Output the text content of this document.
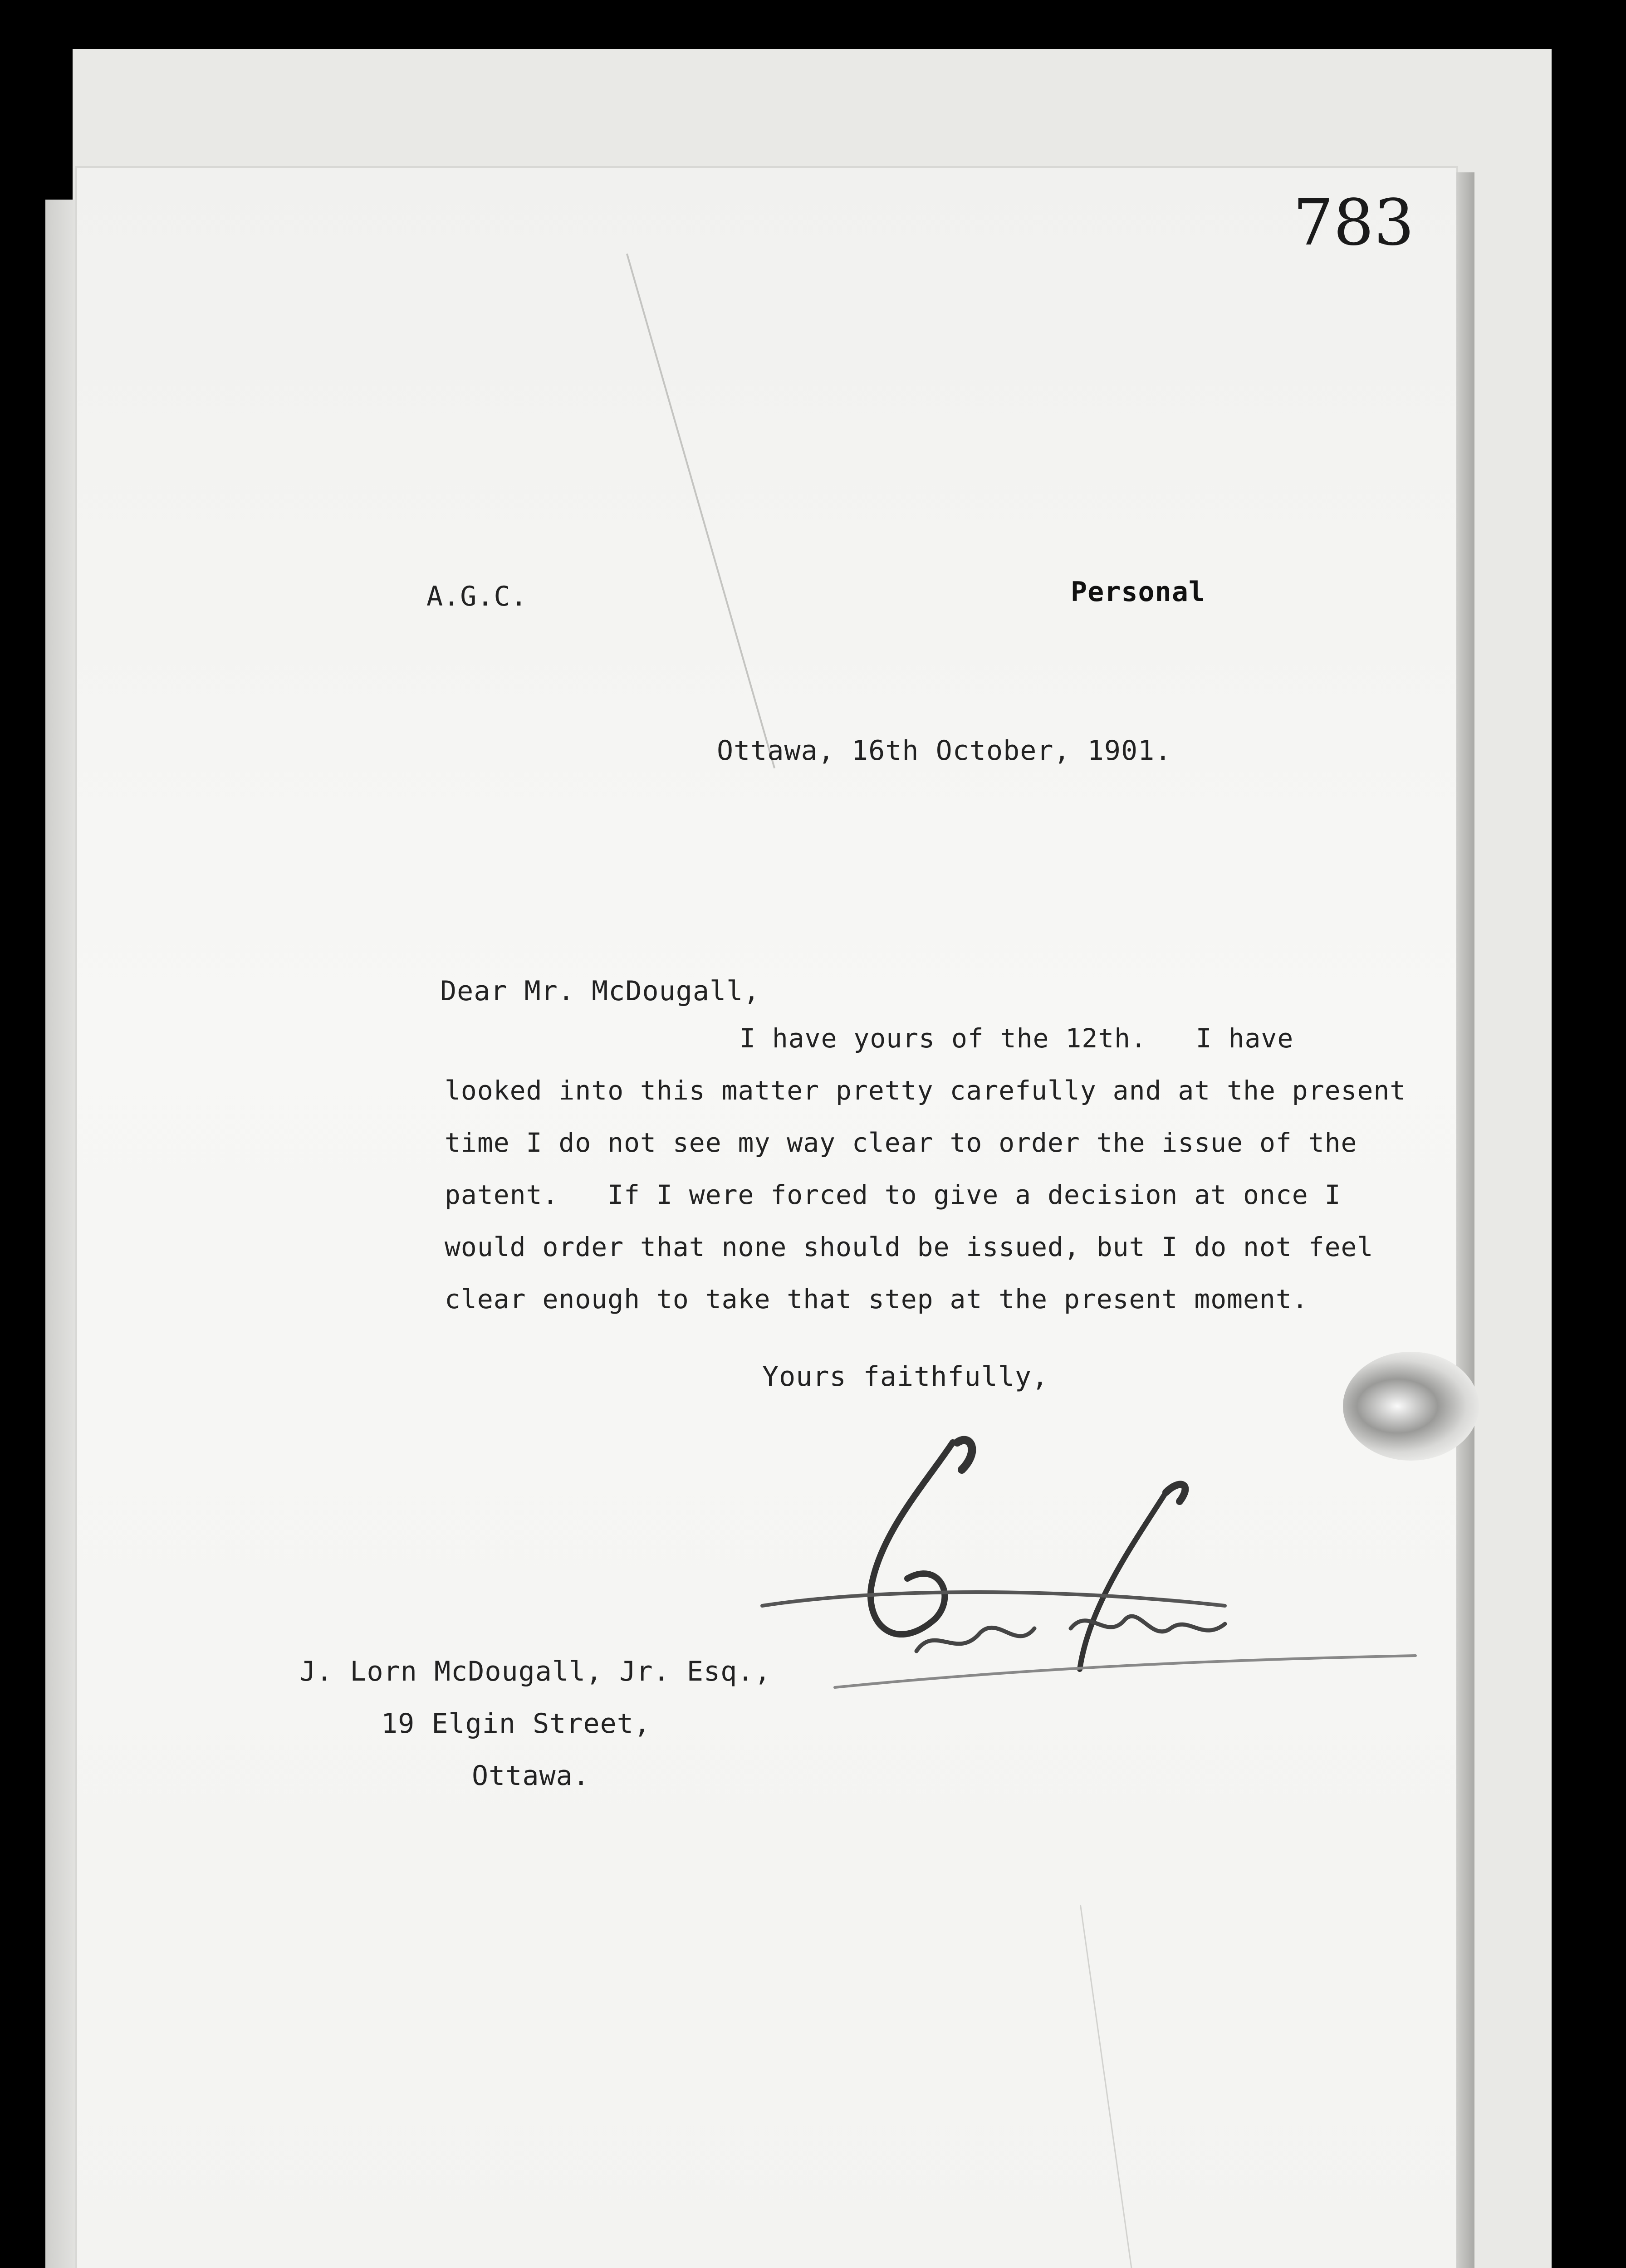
783
A.G.C.	Personal
Ottawa, 16th October, 1901.
Dear Mr. McDougall,
I have yours of the 12th.   I have
looked into this matter pretty carefully and at the present
time I do not see my way clear to order the issue of the
patent.   If I were forced to give a decision at once I
would order that none should be issued, but I do not feel
clear enough to take that step at the present moment.
Yours faithfully,
J. Lorn McDougall, Jr. Esq.,
19 Elgin Street,
Ottawa.
